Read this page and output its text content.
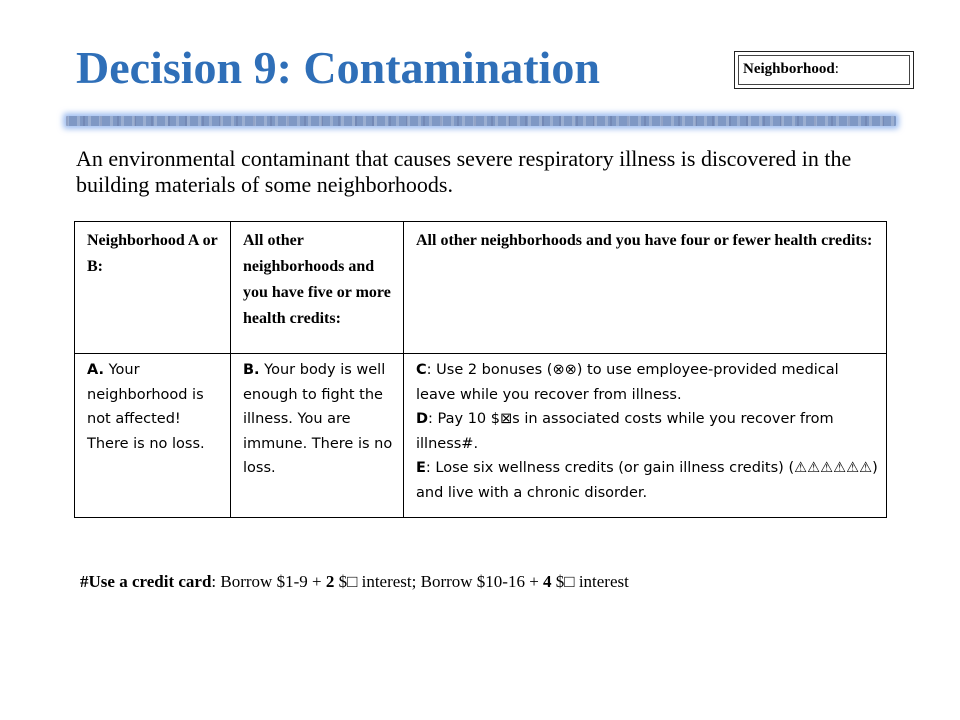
Decision 9: Contamination	Neighborhood:

An environmental contaminant that causes severe respiratory illness is discovered in the building materials of some neighborhoods.

Neighborhood A or B:	All other neighborhoods and you have five or more health credits:	All other neighborhoods and you have four or fewer health credits:
A. Your neighborhood is not affected! There is no loss.	B. Your body is well enough to fight the illness. You are immune. There is no loss.	C: Use 2 bonuses (⊗⊗) to use employee-provided medical leave while you recover from illness.
D: Pay 10 $⊠s in associated costs while you recover from illness#.
E: Lose six wellness credits (or gain illness credits) (⚠⚠⚠⚠⚠⚠) and live with a chronic disorder.

#Use a credit card: Borrow $1-9 + 2 $□ interest; Borrow $10-16 + 4 $□ interest
